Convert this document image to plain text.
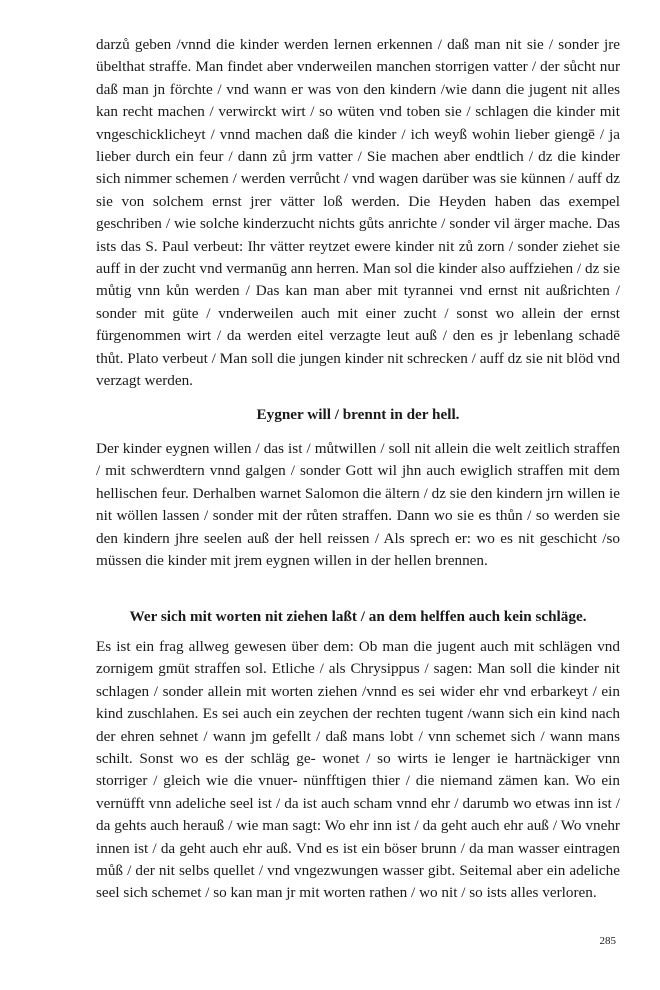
darzů geben /vnnd die kinder werden lernen erkennen / daß man nit sie / sonder jre übelthat straffe. Man findet aber vnderweilen manchen storrigen vatter / der sůcht nur daß man jn förchte / vnd wann er was von den kindern /wie dann die jugent nit alles kan recht machen / verwirckt wirt / so wüten vnd toben sie / schlagen die kinder mit vngeschicklicheyt / vnnd machen daß die kinder / ich weyß wohin lieber giengē / ja lieber durch ein feur / dann zů jrm vatter / Sie machen aber endtlich / dz die kinder sich nimmer schemen / werden verrůcht / vnd wagen darüber was sie künnen / auff dz sie von solchem ernst jrer vätter loß werden. Die Heyden haben das exempel geschriben / wie solche kinderzucht nichts gůts anrichte / sonder vil ärger mache. Das ists das S. Paul verbeut: Ihr vätter reytzet ewere kinder nit zů zorn / sonder ziehet sie auff in der zucht vnd vermanūg ann herren. Man sol die kinder also auffziehen / dz sie můtig vnn kůn werden / Das kan man aber mit tyrannei vnd ernst nit außrichten / sonder mit güte / vnderweilen auch mit einer zucht / sonst wo allein der ernst fürgenommen wirt / da werden eitel verzagte leut auß / den es jr lebenlang schadē thůt. Plato verbeut / Man soll die jungen kinder nit schrecken / auff dz sie nit blöd vnd verzagt werden.

Eygner will / brennt in der hell.

Der kinder eygnen willen / das ist / můtwillen / soll nit allein die welt zeitlich straffen / mit schwerdtern vnnd galgen / sonder Gott wil jhn auch ewiglich straffen mit dem hellischen feur. Derhalben warnet Salomon die ältern / dz sie den kindern jrn willen ie nit wöllen lassen / sonder mit der růten straffen. Dann wo sie es thůn / so werden sie den kindern jhre seelen auß der hell reissen / Als sprech er: wo es nit geschicht /so müssen die kinder mit jrem eygnen willen in der hellen brennen.

Wer sich mit worten nit ziehen laßt / an dem helffen auch kein schläge.

Es ist ein frag allweg gewesen über dem: Ob man die jugent auch mit schlägen vnd zornigem gmüt straffen sol. Etliche / als Chrysippus / sagen: Man soll die kinder nit schlagen / sonder allein mit worten ziehen /vnnd es sei wider ehr vnd erbarkeyt / ein kind zuschlahen. Es sei auch ein zeychen der rechten tugent /wann sich ein kind nach der ehren sehnet / wann jm gefellt / daß mans lobt / vnn schemet sich / wann mans schilt. Sonst wo es der schläg ge- wonet / so wirts ie lenger ie hartnäckiger vnn storriger / gleich wie die vnuer- nünfftigen thier / die niemand zämen kan. Wo ein vernüfft vnn adeliche seel ist / da ist auch scham vnnd ehr / darumb wo etwas inn ist / da gehts auch herauß / wie man sagt: Wo ehr inn ist / da geht auch ehr auß / Wo vnehr innen ist / da geht auch ehr auß. Vnd es ist ein böser brunn / da man wasser eintragen můß / der nit selbs quellet / vnd vngezwungen wasser gibt. Seitemal aber ein adeliche seel sich schemet / so kan man jr mit worten rathen / wo nit / so ists alles verloren.

285
